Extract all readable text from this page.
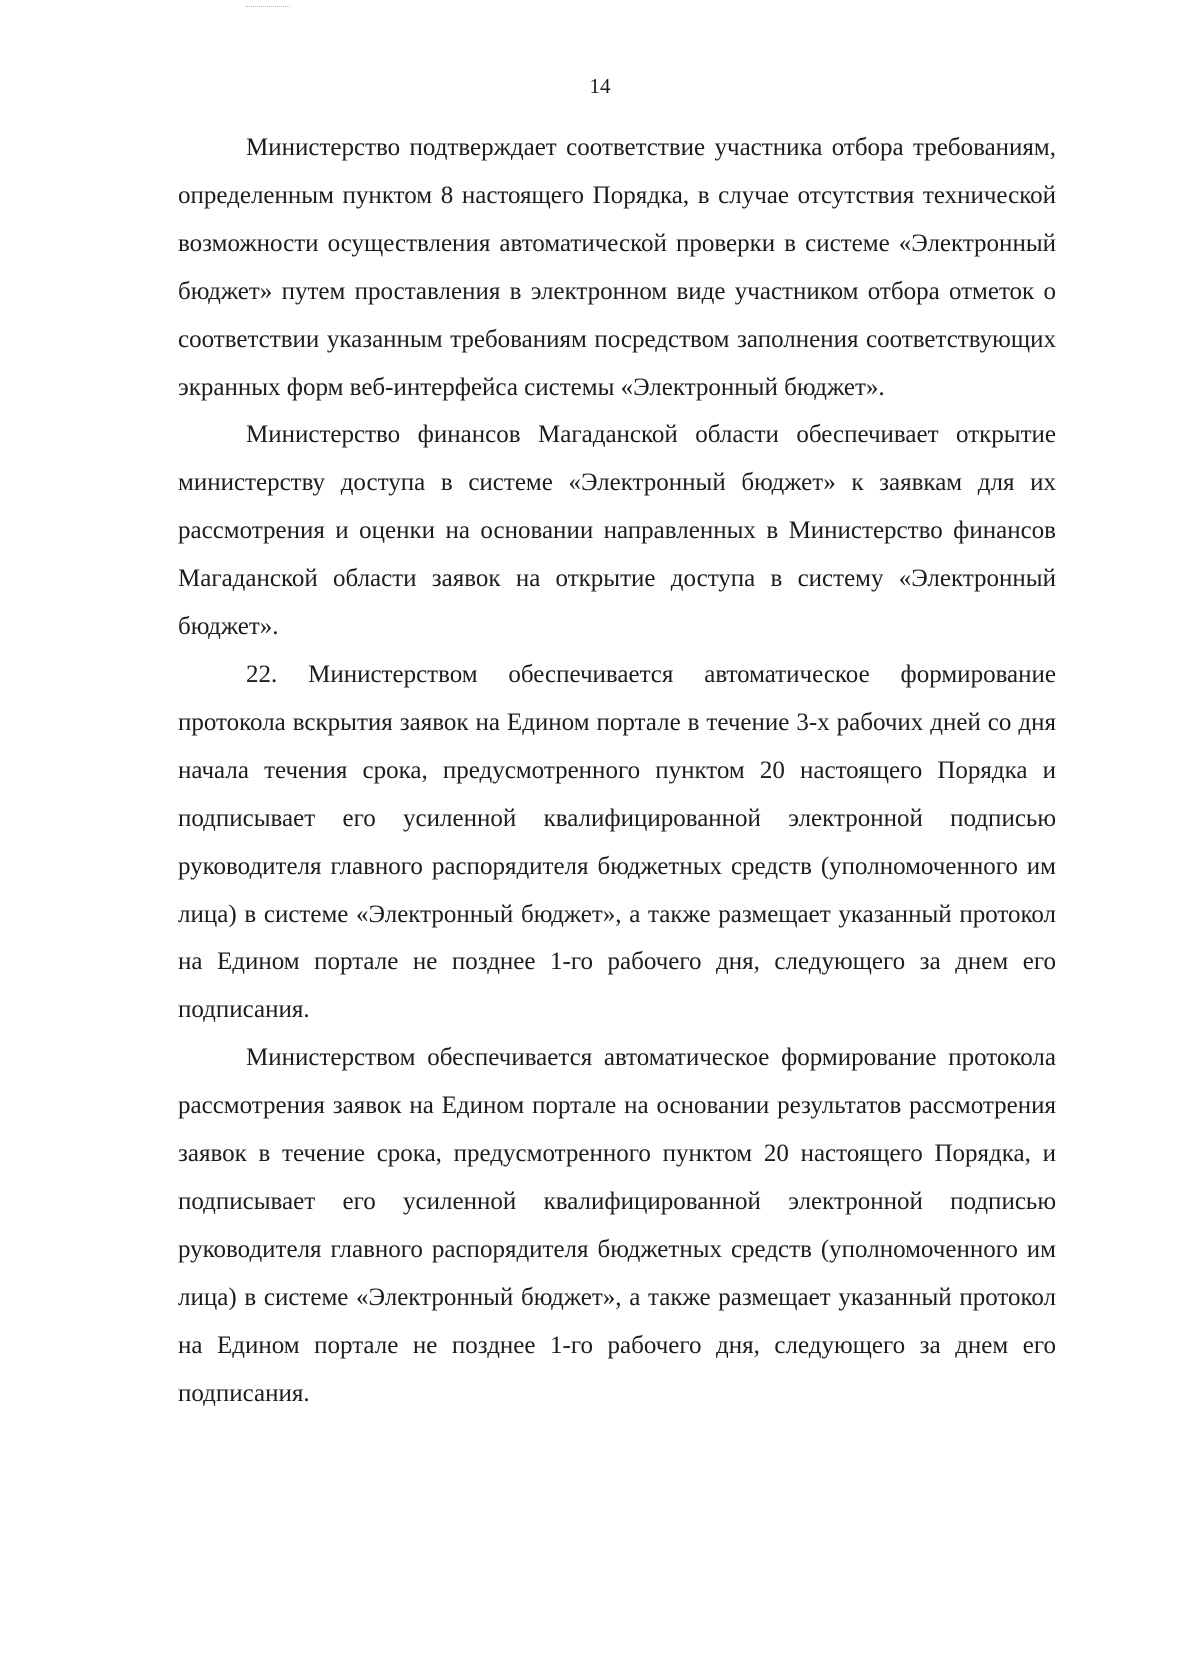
14

Министерство подтверждает соответствие участника отбора требованиям, определенным пунктом 8 настоящего Порядка, в случае отсутствия технической возможности осуществления автоматической проверки в системе «Электронный бюджет» путем проставления в электронном виде участником отбора отметок о соответствии указанным требованиям посредством заполнения соответствующих экранных форм веб-интерфейса системы «Электронный бюджет».

Министерство финансов Магаданской области обеспечивает открытие министерству доступа в системе «Электронный бюджет» к заявкам для их рассмотрения и оценки на основании направленных в Министерство финансов Магаданской области заявок на открытие доступа в систему «Электронный бюджет».

22. Министерством обеспечивается автоматическое формирование протокола вскрытия заявок на Едином портале в течение 3-х рабочих дней со дня начала течения срока, предусмотренного пунктом 20 настоящего Порядка и подписывает его усиленной квалифицированной электронной подписью руководителя главного распорядителя бюджетных средств (уполномоченного им лица) в системе «Электронный бюджет», а также размещает указанный протокол на Едином портале не позднее 1-го рабочего дня, следующего за днем его подписания.

Министерством обеспечивается автоматическое формирование протокола рассмотрения заявок на Едином портале на основании результатов рассмотрения заявок в течение срока, предусмотренного пунктом 20 настоящего Порядка, и подписывает его усиленной квалифицированной электронной подписью руководителя главного распорядителя бюджетных средств (уполномоченного им лица) в системе «Электронный бюджет», а также размещает указанный протокол на Едином портале не позднее 1-го рабочего дня, следующего за днем его подписания.
